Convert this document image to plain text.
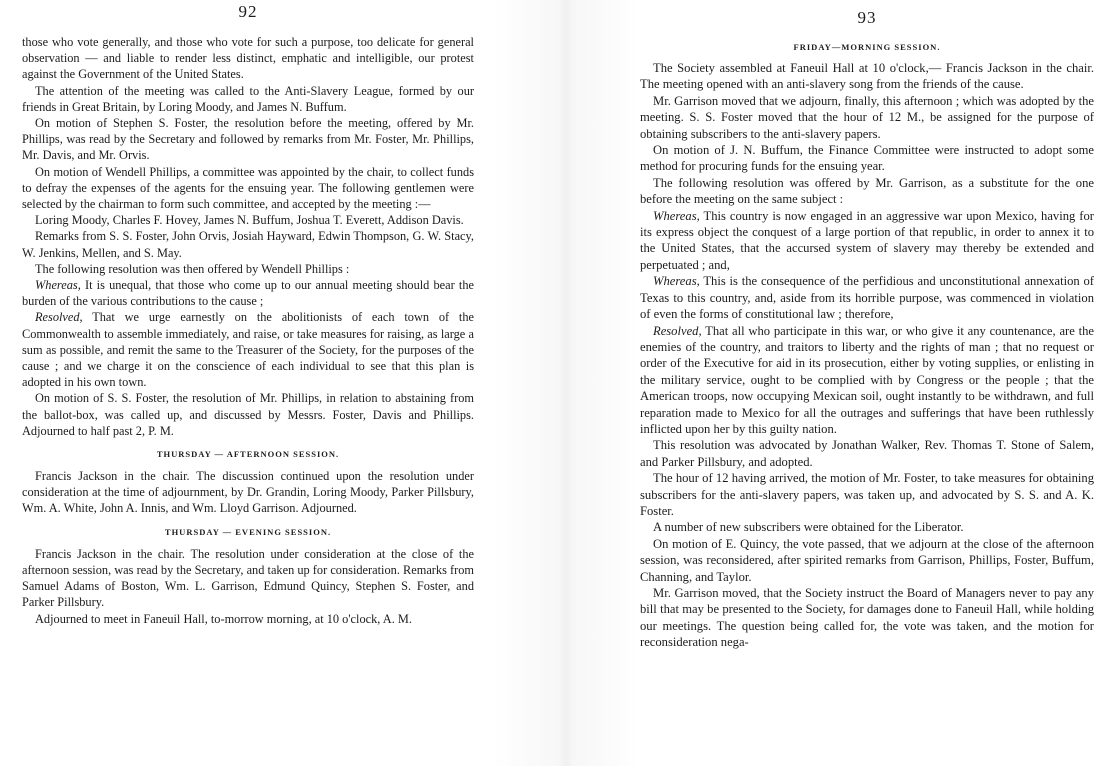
92

those who vote generally, and those who vote for such a purpose, too delicate for general observation — and liable to render less distinct, emphatic and intelligible, our protest against the Government of the United States.

The attention of the meeting was called to the Anti-Slavery League, formed by our friends in Great Britain, by Loring Moody, and James N. Buffum.

On motion of Stephen S. Foster, the resolution before the meeting, offered by Mr. Phillips, was read by the Secretary and followed by remarks from Mr. Foster, Mr. Phillips, Mr. Davis, and Mr. Orvis.

On motion of Wendell Phillips, a committee was appointed by the chair, to collect funds to defray the expenses of the agents for the ensuing year. The following gentlemen were selected by the chairman to form such committee, and accepted by the meeting :—

Loring Moody, Charles F. Hovey, James N. Buffum, Joshua T. Everett, Addison Davis.

Remarks from S. S. Foster, John Orvis, Josiah Hayward, Edwin Thompson, G. W. Stacy, W. Jenkins, Mellen, and S. May.

The following resolution was then offered by Wendell Phillips :

Whereas, It is unequal, that those who come up to our annual meeting should bear the burden of the various contributions to the cause ;

Resolved, That we urge earnestly on the abolitionists of each town of the Commonwealth to assemble immediately, and raise, or take measures for raising, as large a sum as possible, and remit the same to the Treasurer of the Society, for the purposes of the cause ; and we charge it on the conscience of each individual to see that this plan is adopted in his own town.

On motion of S. S. Foster, the resolution of Mr. Phillips, in relation to abstaining from the ballot-box, was called up, and discussed by Messrs. Foster, Davis and Phillips. Adjourned to half past 2, P. M.

THURSDAY — AFTERNOON SESSION.

Francis Jackson in the chair. The discussion continued upon the resolution under consideration at the time of adjournment, by Dr. Grandin, Loring Moody, Parker Pillsbury, Wm. A. White, John A. Innis, and Wm. Lloyd Garrison. Adjourned.

THURSDAY — EVENING SESSION.

Francis Jackson in the chair. The resolution under consideration at the close of the afternoon session, was read by the Secretary, and taken up for consideration. Remarks from Samuel Adams of Boston, Wm. L. Garrison, Edmund Quincy, Stephen S. Foster, and Parker Pillsbury.

Adjourned to meet in Faneuil Hall, to-morrow morning, at 10 o'clock, A. M.

93
FRIDAY—MORNING SESSION.

The Society assembled at Faneuil Hall at 10 o'clock,— Francis Jackson in the chair. The meeting opened with an anti-slavery song from the friends of the cause.

Mr. Garrison moved that we adjourn, finally, this afternoon ; which was adopted by the meeting. S. S. Foster moved that the hour of 12 M., be assigned for the purpose of obtaining subscribers to the anti-slavery papers.

On motion of J. N. Buffum, the Finance Committee were instructed to adopt some method for procuring funds for the ensuing year.

The following resolution was offered by Mr. Garrison, as a substitute for the one before the meeting on the same subject :

Whereas, This country is now engaged in an aggressive war upon Mexico, having for its express object the conquest of a large portion of that republic, in order to annex it to the United States, that the accursed system of slavery may thereby be extended and perpetuated ; and,

Whereas, This is the consequence of the perfidious and unconstitutional annexation of Texas to this country, and, aside from its horrible purpose, was commenced in violation of even the forms of constitutional law ; therefore,

Resolved, That all who participate in this war, or who give it any countenance, are the enemies of the country, and traitors to liberty and the rights of man ; that no request or order of the Executive for aid in its prosecution, either by voting supplies, or enlisting in the military service, ought to be complied with by Congress or the people ; that the American troops, now occupying Mexican soil, ought instantly to be withdrawn, and full reparation made to Mexico for all the outrages and sufferings that have been ruthlessly inflicted upon her by this guilty nation.

This resolution was advocated by Jonathan Walker, Rev. Thomas T. Stone of Salem, and Parker Pillsbury, and adopted.

The hour of 12 having arrived, the motion of Mr. Foster, to take measures for obtaining subscribers for the anti-slavery papers, was taken up, and advocated by S. S. and A. K. Foster.

A number of new subscribers were obtained for the Liberator.

On motion of E. Quincy, the vote passed, that we adjourn at the close of the afternoon session, was reconsidered, after spirited remarks from Garrison, Phillips, Foster, Buffum, Channing, and Taylor.

Mr. Garrison moved, that the Society instruct the Board of Managers never to pay any bill that may be presented to the Society, for damages done to Faneuil Hall, while holding our meetings. The question being called for, the vote was taken, and the motion for reconsideration nega-
